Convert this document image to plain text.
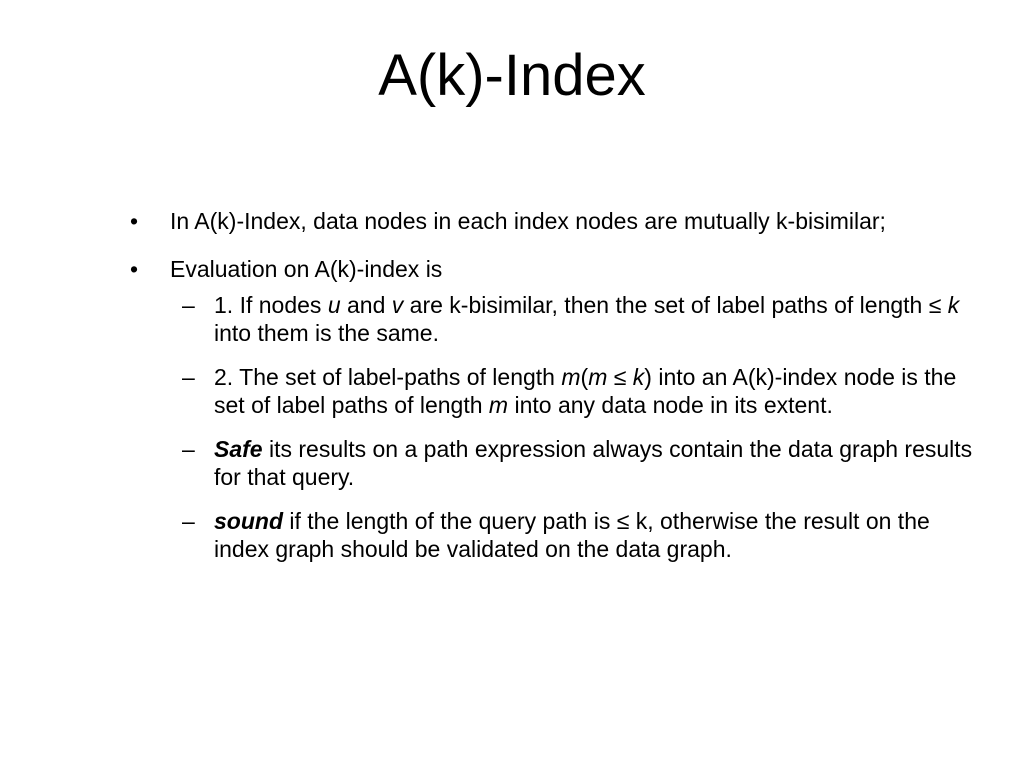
A(k)-Index

• In A(k)-Index, data nodes in each index nodes are mutually k-bisimilar;

• Evaluation on A(k)-index is

– 1. If nodes u and v are k-bisimilar, then the set of label paths of length ≤ k into them is the same.

– 2. The set of label-paths of length m(m ≤ k) into an A(k)-index node is the set of label paths of length m into any data node in its extent.

– Safe its results on a path expression always contain the data graph results for that query.

– sound if the length of the query path is ≤ k, otherwise the result on the index graph should be validated on the data graph.
